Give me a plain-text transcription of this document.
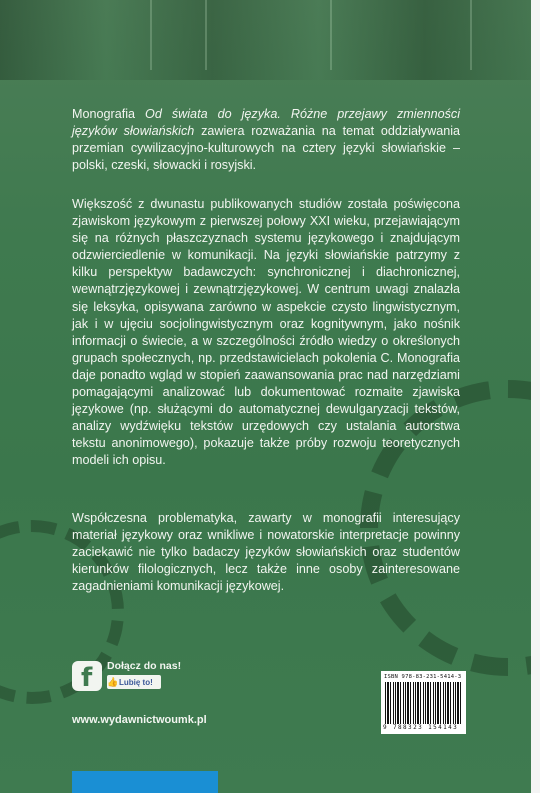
Monografia Od świata do języka. Różne przejawy zmienności języków słowiańskich zawiera rozważania na temat oddziaływania przemian cywilizacyjno-kulturowych na cztery języki słowiańskie – polski, czeski, słowacki i rosyjski.

Większość z dwunastu publikowanych studiów została poświęcona zjawiskom językowym z pierwszej połowy XXI wieku, przejawiającym się na różnych płaszczyznach systemu językowego i znajdującym odzwierciedlenie w komunikacji. Na języki słowiańskie patrzymy z kilku perspektyw badawczych: synchronicznej i diachronicznej, wewnątrzjęzykowej i zewnątrzjęzykowej. W centrum uwagi znalazła się leksyka, opisywana zarówno w aspekcie czysto lingwistycznym, jak i w ujęciu socjolingwistycznym oraz kognitywnym, jako nośnik informacji o świecie, a w szczególności źródło wiedzy o określonych grupach społecznych, np. przedstawicielach pokolenia C. Monografia daje ponadto wgląd w stopień zaawansowania prac nad narzędziami pomagającymi analizować lub dokumentować rozmaite zjawiska językowe (np. służącymi do automatycznej dewulgaryzacji tekstów, analizy wydźwięku tekstów urzędowych czy ustalania autorstwa tekstu anonimowego), pokazuje także próby rozwoju teoretycznych modeli ich opisu.

Współczesna problematyka, zawarty w monografii interesujący materiał językowy oraz wnikliwe i nowatorskie interpretacje powinny zaciekawić nie tylko badaczy języków słowiańskich oraz studentów kierunków filologicznych, lecz także inne osoby zainteresowane zagadnieniami komunikacji językowej.

f
Dołącz do nas!
👍Lubię to!
ISBN 978-83-231-5414-3
9 788323 154143
www.wydawnictwoumk.pl
